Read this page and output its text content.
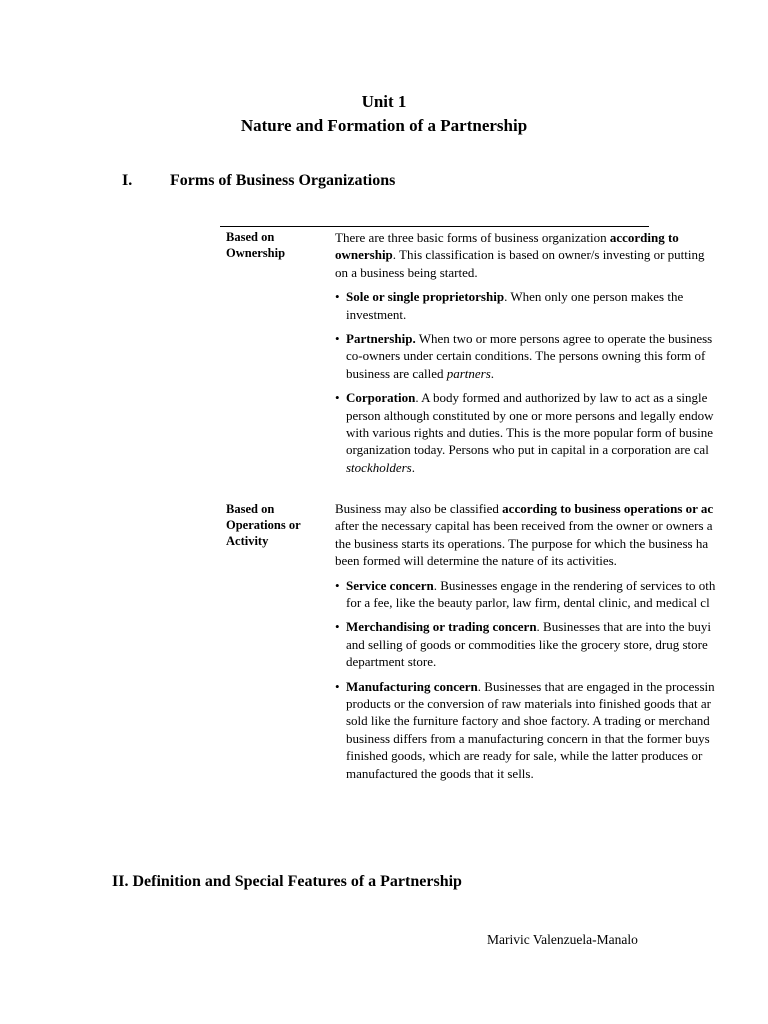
Unit 1
Nature and Formation of a Partnership
I. Forms of Business Organizations
Based on
Ownership

There are three basic forms of business organization according to
ownership. This classification is based on owner/s investing or putting
on a business being started.

• Sole or single proprietorship. When only one person makes the
investment.
• Partnership. When two or more persons agree to operate the business
co-owners under certain conditions. The persons owning this form of
business are called partners.
• Corporation. A body formed and authorized by law to act as a single
person although constituted by one or more persons and legally endow
with various rights and duties. This is the more popular form of busine
organization today. Persons who put in capital in a corporation are cal
stockholders.
Based on
Operations or
Activity

Business may also be classified according to business operations or ac
after the necessary capital has been received from the owner or owners a
the business starts its operations. The purpose for which the business ha
been formed will determine the nature of its activities.

• Service concern. Businesses engage in the rendering of services to oth
for a fee, like the beauty parlor, law firm, dental clinic, and medical cl
• Merchandising or trading concern. Businesses that are into the buyi
and selling of goods or commodities like the grocery store, drug store
department store.
• Manufacturing concern. Businesses that are engaged in the processin
products or the conversion of raw materials into finished goods that ar
sold like the furniture factory and shoe factory. A trading or merchand
business differs from a manufacturing concern in that the former buys
finished goods, which are ready for sale, while the latter produces or
manufactured the goods that it sells.
II. Definition and Special Features of a Partnership
Marivic Valenzuela-Manalo
